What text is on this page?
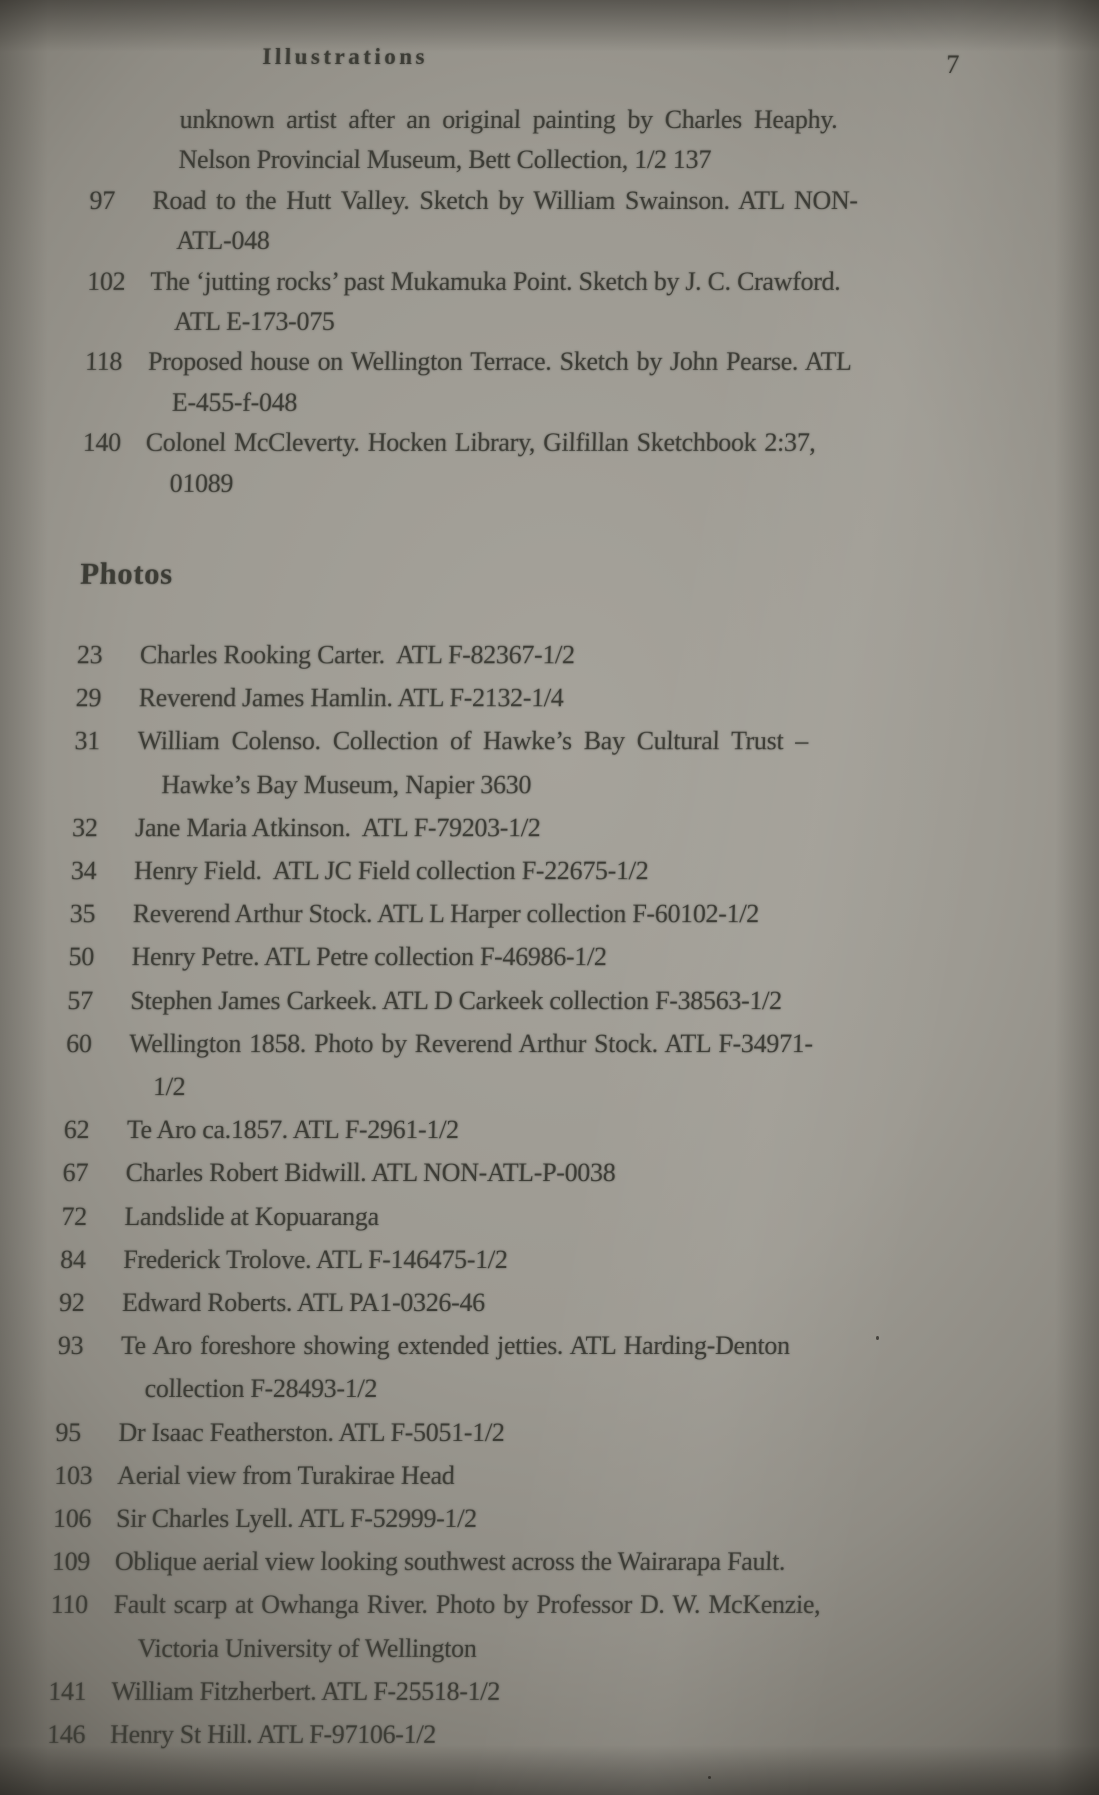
Illustrations	7
unknown artist after an original painting by Charles Heaphy.
Nelson Provincial Museum, Bett Collection, 1/2 137
97	Road to the Hutt Valley. Sketch by William Swainson. ATL NON-
ATL-048
102 The ‘jutting rocks’ past Mukamuka Point. Sketch by J. C. Crawford.
ATL E-173-075
118 Proposed house on Wellington Terrace. Sketch by John Pearse. ATL
E-455-f-048
140 Colonel McCleverty. Hocken Library, Gilfillan Sketchbook 2:37,
01089
Photos
23	Charles Rooking Carter.  ATL F-82367-1/2
29	Reverend James Hamlin. ATL F-2132-1/4
31	William Colenso. Collection of Hawke’s Bay Cultural Trust –
Hawke’s Bay Museum, Napier 3630
32	Jane Maria Atkinson.  ATL F-79203-1/2
34	Henry Field.  ATL JC Field collection F-22675-1/2
35	Reverend Arthur Stock. ATL L Harper collection F-60102-1/2
50	Henry Petre. ATL Petre collection F-46986-1/2
57	Stephen James Carkeek. ATL D Carkeek collection F-38563-1/2
60	Wellington 1858. Photo by Reverend Arthur Stock. ATL F-34971-
1/2
62	Te Aro ca.1857. ATL F-2961-1/2
67	Charles Robert Bidwill. ATL NON-ATL-P-0038
72	Landslide at Kopuaranga
84	Frederick Trolove. ATL F-146475-1/2
92	Edward Roberts. ATL PA1-0326-46
93	Te Aro foreshore showing extended jetties. ATL Harding-Denton
collection F-28493-1/2
95	Dr Isaac Featherston. ATL F-5051-1/2
103 Aerial view from Turakirae Head
106 Sir Charles Lyell. ATL F-52999-1/2
109 Oblique aerial view looking southwest across the Wairarapa Fault.
110 Fault scarp at Owhanga River. Photo by Professor D. W. McKenzie,
Victoria University of Wellington
141 William Fitzherbert. ATL F-25518-1/2
146 Henry St Hill. ATL F-97106-1/2
